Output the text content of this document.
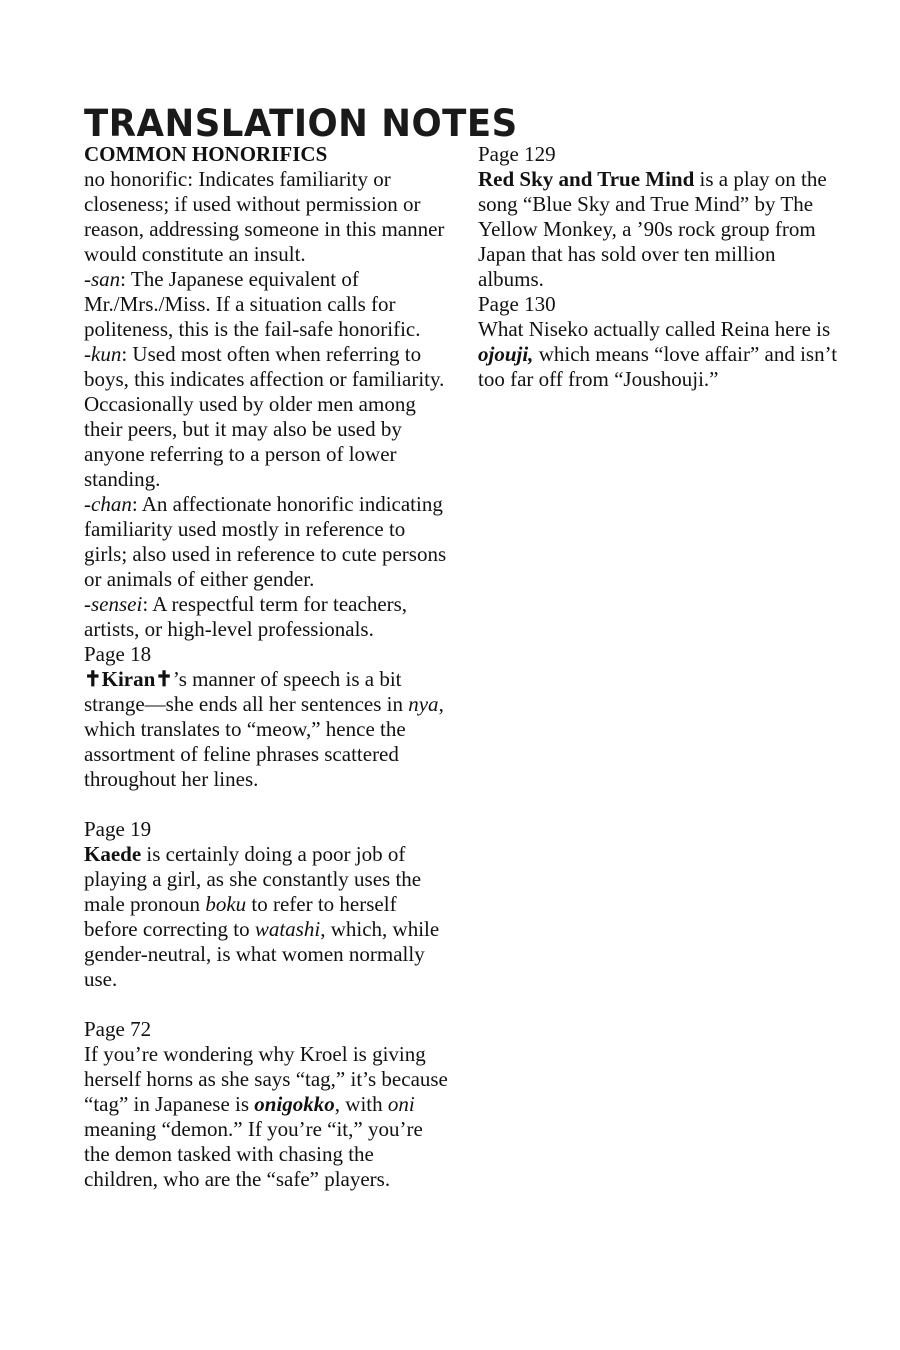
TRANSLATION NOTES
COMMON HONORIFICS

no honorific: Indicates familiarity or closeness; if used without permission or reason, addressing someone in this manner would constitute an insult.

-san: The Japanese equivalent of Mr./Mrs./Miss. If a situation calls for politeness, this is the fail-safe honorific.

-kun: Used most often when referring to boys, this indicates affection or familiarity. Occasionally used by older men among their peers, but it may also be used by anyone referring to a person of lower standing.

-chan: An affectionate honorific indicating familiarity used mostly in reference to girls; also used in reference to cute persons or animals of either gender.

-sensei: A respectful term for teachers, artists, or high-level professionals.

Page 18

✝Kiran✝’s manner of speech is a bit strange—she ends all her sentences in nya, which translates to “meow,” hence the assortment of feline phrases scattered throughout her lines.

Page 19

Kaede is certainly doing a poor job of playing a girl, as she constantly uses the male pronoun boku to refer to herself before correcting to watashi, which, while gender-neutral, is what women normally use.

Page 72

If you’re wondering why Kroel is giving herself horns as she says “tag,” it’s because “tag” in Japanese is onigokko, with oni meaning “demon.” If you’re “it,” you’re the demon tasked with chasing the children, who are the “safe” players.

Page 129

Red Sky and True Mind is a play on the song “Blue Sky and True Mind” by The Yellow Monkey, a ’90s rock group from Japan that has sold over ten million albums.

Page 130

What Niseko actually called Reina here is ojouji, which means “love affair” and isn’t too far off from “Joushouji.”
